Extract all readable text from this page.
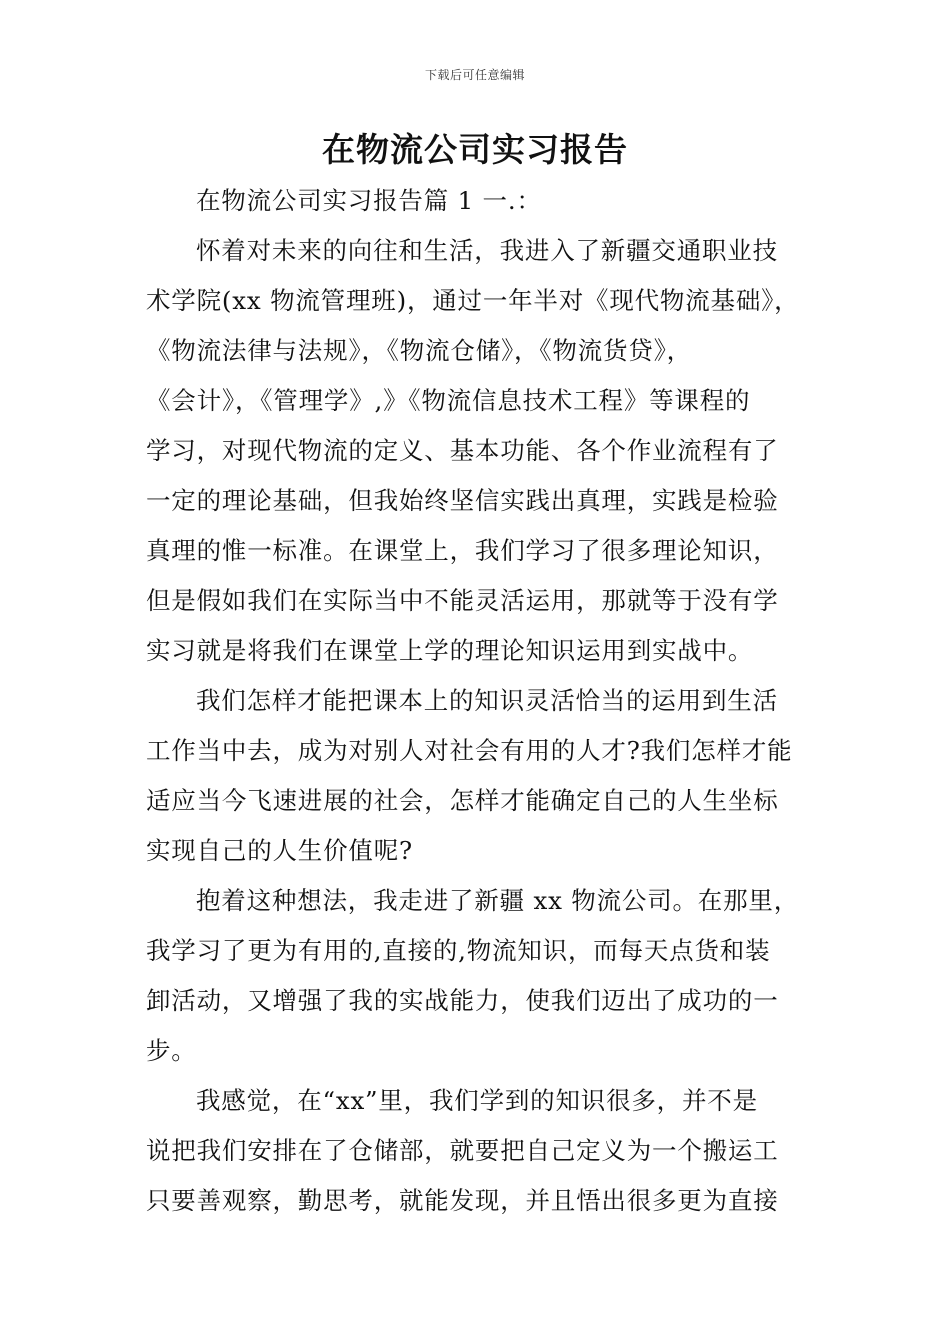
下载后可任意编辑
在物流公司实习报告
在物流公司实习报告篇 1 一.：
怀着对未来的向往和生活，我进入了新疆交通职业技
术学院(xx 物流管理班)，通过一年半对《现代物流基础》，
《物流法律与法规》，《物流仓储》，《物流货贷》，
《会计》，《管理学》,》《物流信息技术工程》等课程的
学习，对现代物流的定义、基本功能、各个作业流程有了
一定的理论基础，但我始终坚信实践出真理，实践是检验
真理的惟一标准。在课堂上，我们学习了很多理论知识，
但是假如我们在实际当中不能灵活运用，那就等于没有学
实习就是将我们在课堂上学的理论知识运用到实战中。
我们怎样才能把课本上的知识灵活恰当的运用到生活
工作当中去，成为对别人对社会有用的人才?我们怎样才能
适应当今飞速进展的社会，怎样才能确定自己的人生坐标
实现自己的人生价值呢?
抱着这种想法，我走进了新疆 xx 物流公司。在那里，
我学习了更为有用的,直接的,物流知识，而每天点货和装
卸活动，又增强了我的实战能力，使我们迈出了成功的一
步。
我感觉，在“xx”里，我们学到的知识很多，并不是
说把我们安排在了仓储部，就要把自己定义为一个搬运工
只要善观察，勤思考，就能发现，并且悟出很多更为直接
